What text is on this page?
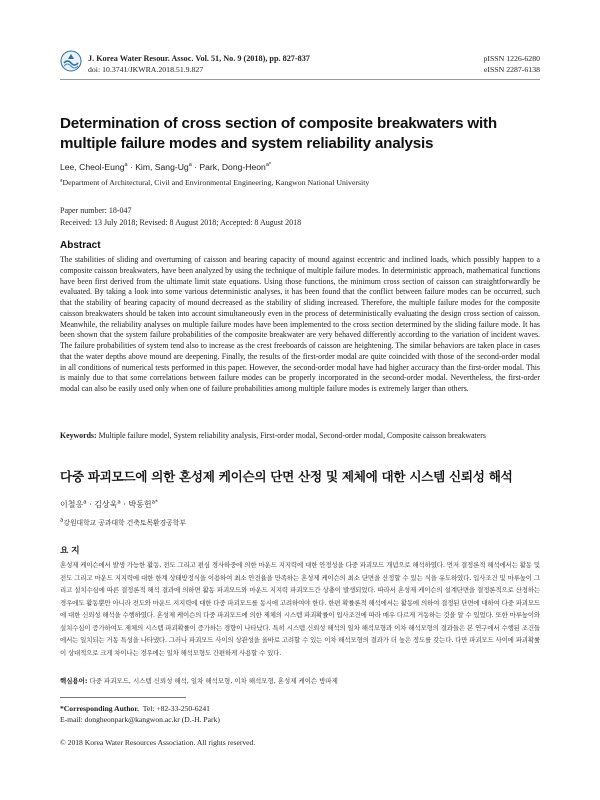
J. Korea Water Resour. Assoc. Vol. 51, No. 9 (2018), pp. 827-837
doi: 10.3741/JKWRA.2018.51.9.827
pISSN 1226-6280
eISSN 2287-6138
Determination of cross section of composite breakwaters with multiple failure modes and system reliability analysis
Lee, Cheol-Eung$^a$ · Kim, Sang-$Ug^a$ · Park, Dong-Heon$^{a*}$
$^a$Department of Architectural, Civil and Environmental Engineering, Kangwon National University
Paper number: 18-047
Received: 13 July 2018; Revised: 8 August 2018; Accepted: 8 August 2018
Abstract

The stabilities of sliding and overturning of caisson and bearing capacity of mound against eccentric and inclined loads, which possibly happen to a composite caisson breakwaters, have been analyzed by using the technique of multiple failure modes. In deterministic approach, mathematical functions have been first derived from the ultimate limit state equations. Using those functions, the minimum cross section of caisson can straightforwardly be evaluated. By taking a look into some various deterministic analyses, it has been found that the conflict between failure modes can be occurred, such that the stability of bearing capacity of mound decreased as the stability of sliding increased. Therefore, the multiple failure modes for the composite caisson breakwaters should be taken into account simultaneously even in the process of deterministically evaluating the design cross section of caisson. Meanwhile, the reliability analyses on multiple failure modes have been implemented to the cross section determined by the sliding failure mode. It has been shown that the system failure probabilities of the composite breakwater are very behaved differently according to the variation of incident waves. The failure probabilities of system tend also to increase as the crest freeboards of caisson are heightening. The similar behaviors are taken place in cases that the water depths above mound are deepening. Finally, the results of the first-order modal are quite coincided with those of the second-order modal in all conditions of numerical tests performed in this paper. However, the second-order modal have had higher accuracy than the first-order modal. This is mainly due to that some correlations between failure modes can be properly incorporated in the second-order modal. Nevertheless, the first-order modal can also be easily used only when one of failure probabilities among multiple failure modes is extremely larger than others.

Keywords: Multiple failure model, System reliability analysis, First-order modal, Second-order modal, Composite caisson breakwaters

다중 파괴모드에 의한 혼성제 케이슨의 단면 산정 및 제체에 대한 시스템 신뢰성 해석
이철응$^a$ · 김상욱$^a$ · 박동헌$^{a*}$
$^a$강원대학교 공과대학 건축토목환경공학부
요 지

혼성제 케이슨에서 발생 가능한 활동, 전도 그리고 편심 경사하중에 의한 마운드 지지력에 대한 안정성을 다중 파괴모드 개념으로 해석하였다. 먼저 결정론적 해석에서는 활동 및 전도 그리고 마운드 지지력에 대한 한계 상태방정식을 이용하여 최소 안전율을 만족하는 혼성제 케이슨의 최소 단면을 산정할 수 있는 식을 유도하였다. 입사조건 및 마루높이 그리고 설치수심에 따른 결정론적 해석 결과에 의하면 활동 파괴모드와 마운드 지지력 파괴모드간 상충이 발생되었다. 따라서 혼성제 케이슨의 설계단면을 결정론적으로 산정하는 경우에도 활동뿐만 아니라 전도와 마운드 지지력에 대한 다중 파괴모드를 동시에 고려하여야 한다. 한편 확률론적 해석에서는 활동에 의하여 결정된 단면에 대하여 다중 파괴모드에 대한 신뢰성 해석을 수행하였다. 혼성제 케이슨의 다중 파괴모드에 의한 제체의 시스템 파괴확률이 입사조건에 따라 매우 다르게 거동하는 것을 알 수 있었다. 또한 마루높이와 설치수심이 증가하여도 제체의 시스템 파괴확률이 증가하는 경향이 나타났다. 특히 시스템 신뢰성 해석의 일차 해석모형과 이차 해석모형의 결과들은 본 연구에서 수행된 조건들에서는 일치되는 거동 특성을 나타냈다. 그러나 파괴모드 사이의 상관성을 올바로 고려할 수 있는 이차 해석모형의 결과가 더 높은 정도를 갖는다. 다만 파괴모드 사이에 파괴확률이 상대적으로 크게 차이나는 경우에는 일차 해석모형도 간편하게 사용할 수 있다.

핵심용어: 다중 파괴모드, 시스템 신뢰성 해석, 일차 해석모형, 이차 해석모형, 혼성제 케이슨 방파제

*Corresponding Author. Tel: +82-33-250-6241
E-mail: dongheonpark@kangwon.ac.kr (D.-H. Park)
© 2018 Korea Water Resources Association. All rights reserved.
